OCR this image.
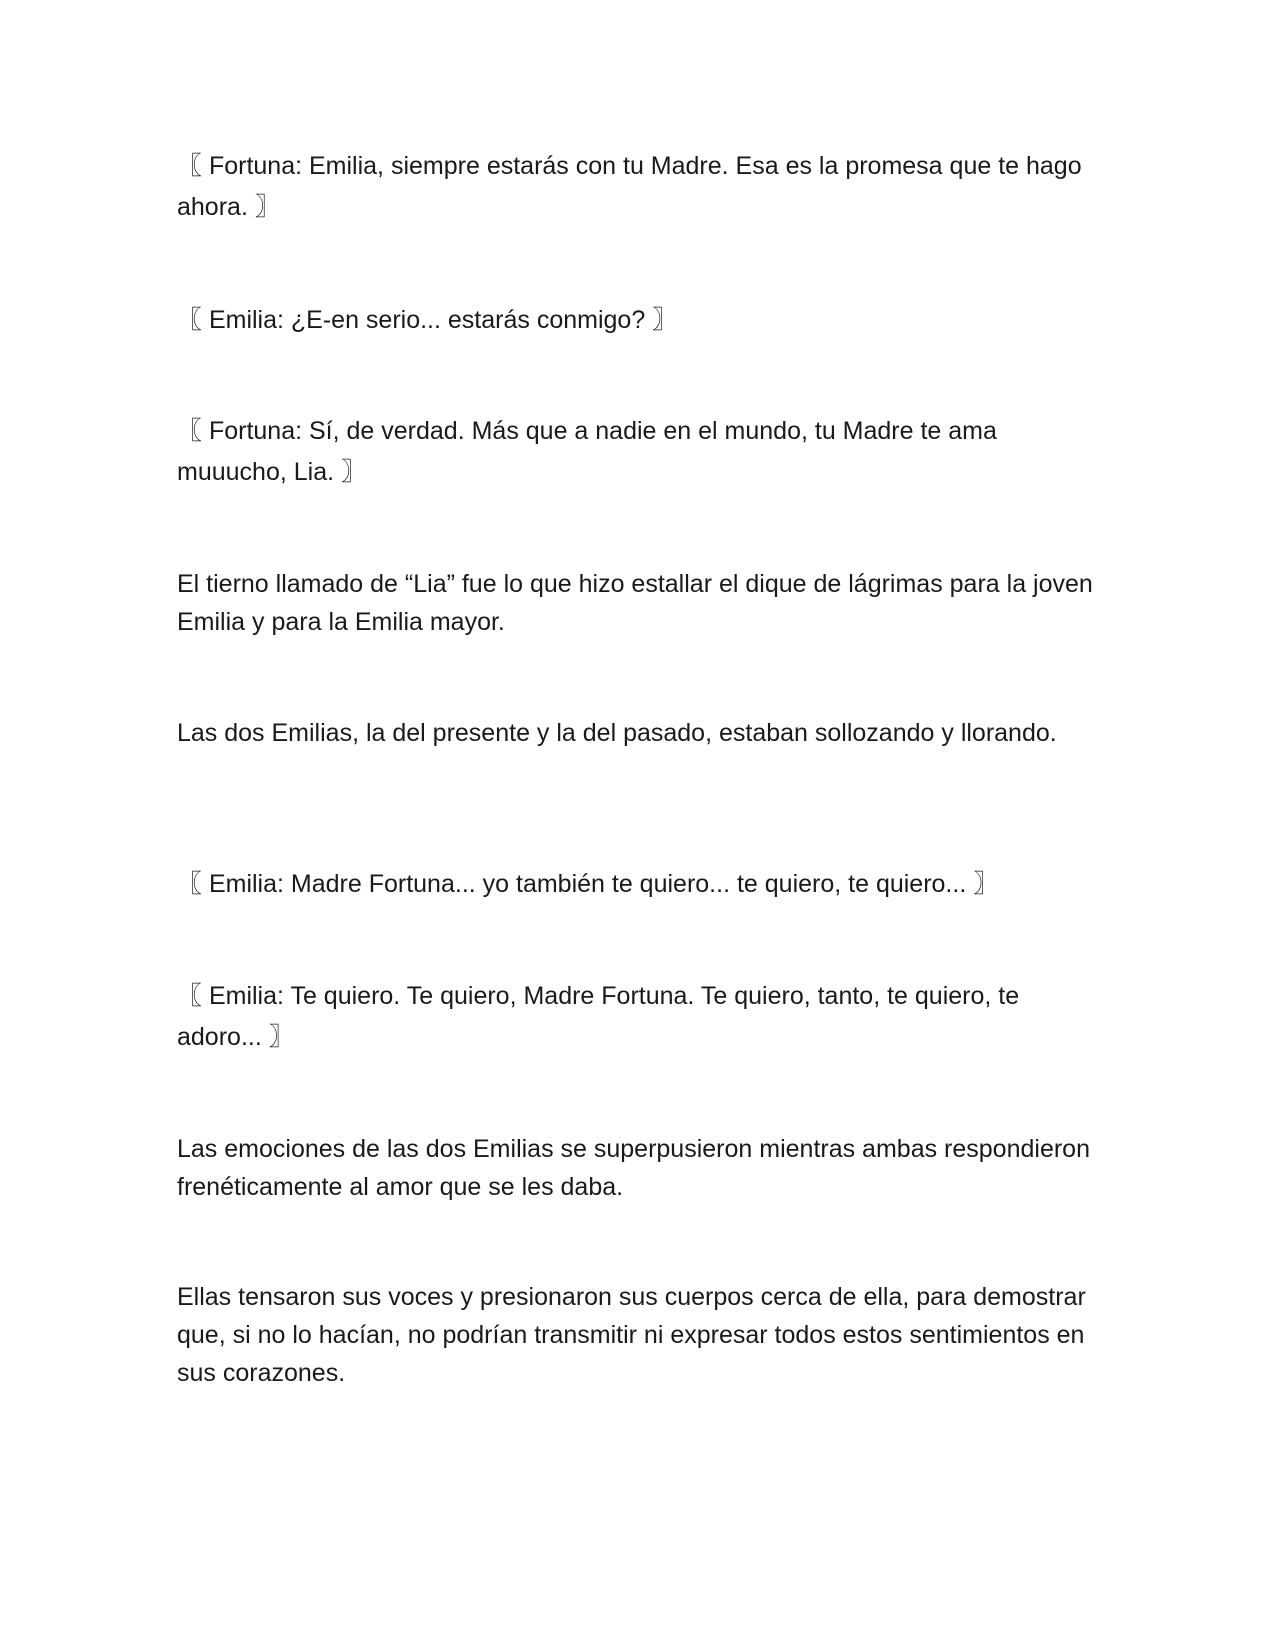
〖 Fortuna: Emilia, siempre estarás con tu Madre. Esa es la promesa que te hago ahora. 〗

〖 Emilia: ¿E-en serio... estarás conmigo? 〗

〖 Fortuna: Sí, de verdad. Más que a nadie en el mundo, tu Madre te ama muuucho, Lia. 〗

El tierno llamado de “Lia” fue lo que hizo estallar el dique de lágrimas para la joven Emilia y para la Emilia mayor.

Las dos Emilias, la del presente y la del pasado, estaban sollozando y llorando.

〖 Emilia: Madre Fortuna... yo también te quiero... te quiero, te quiero... 〗

〖 Emilia: Te quiero. Te quiero, Madre Fortuna. Te quiero, tanto, te quiero, te adoro... 〗

Las emociones de las dos Emilias se superpusieron mientras ambas respondieron frenéticamente al amor que se les daba.

Ellas tensaron sus voces y presionaron sus cuerpos cerca de ella, para demostrar que, si no lo hacían, no podrían transmitir ni expresar todos estos sentimientos en sus corazones.
